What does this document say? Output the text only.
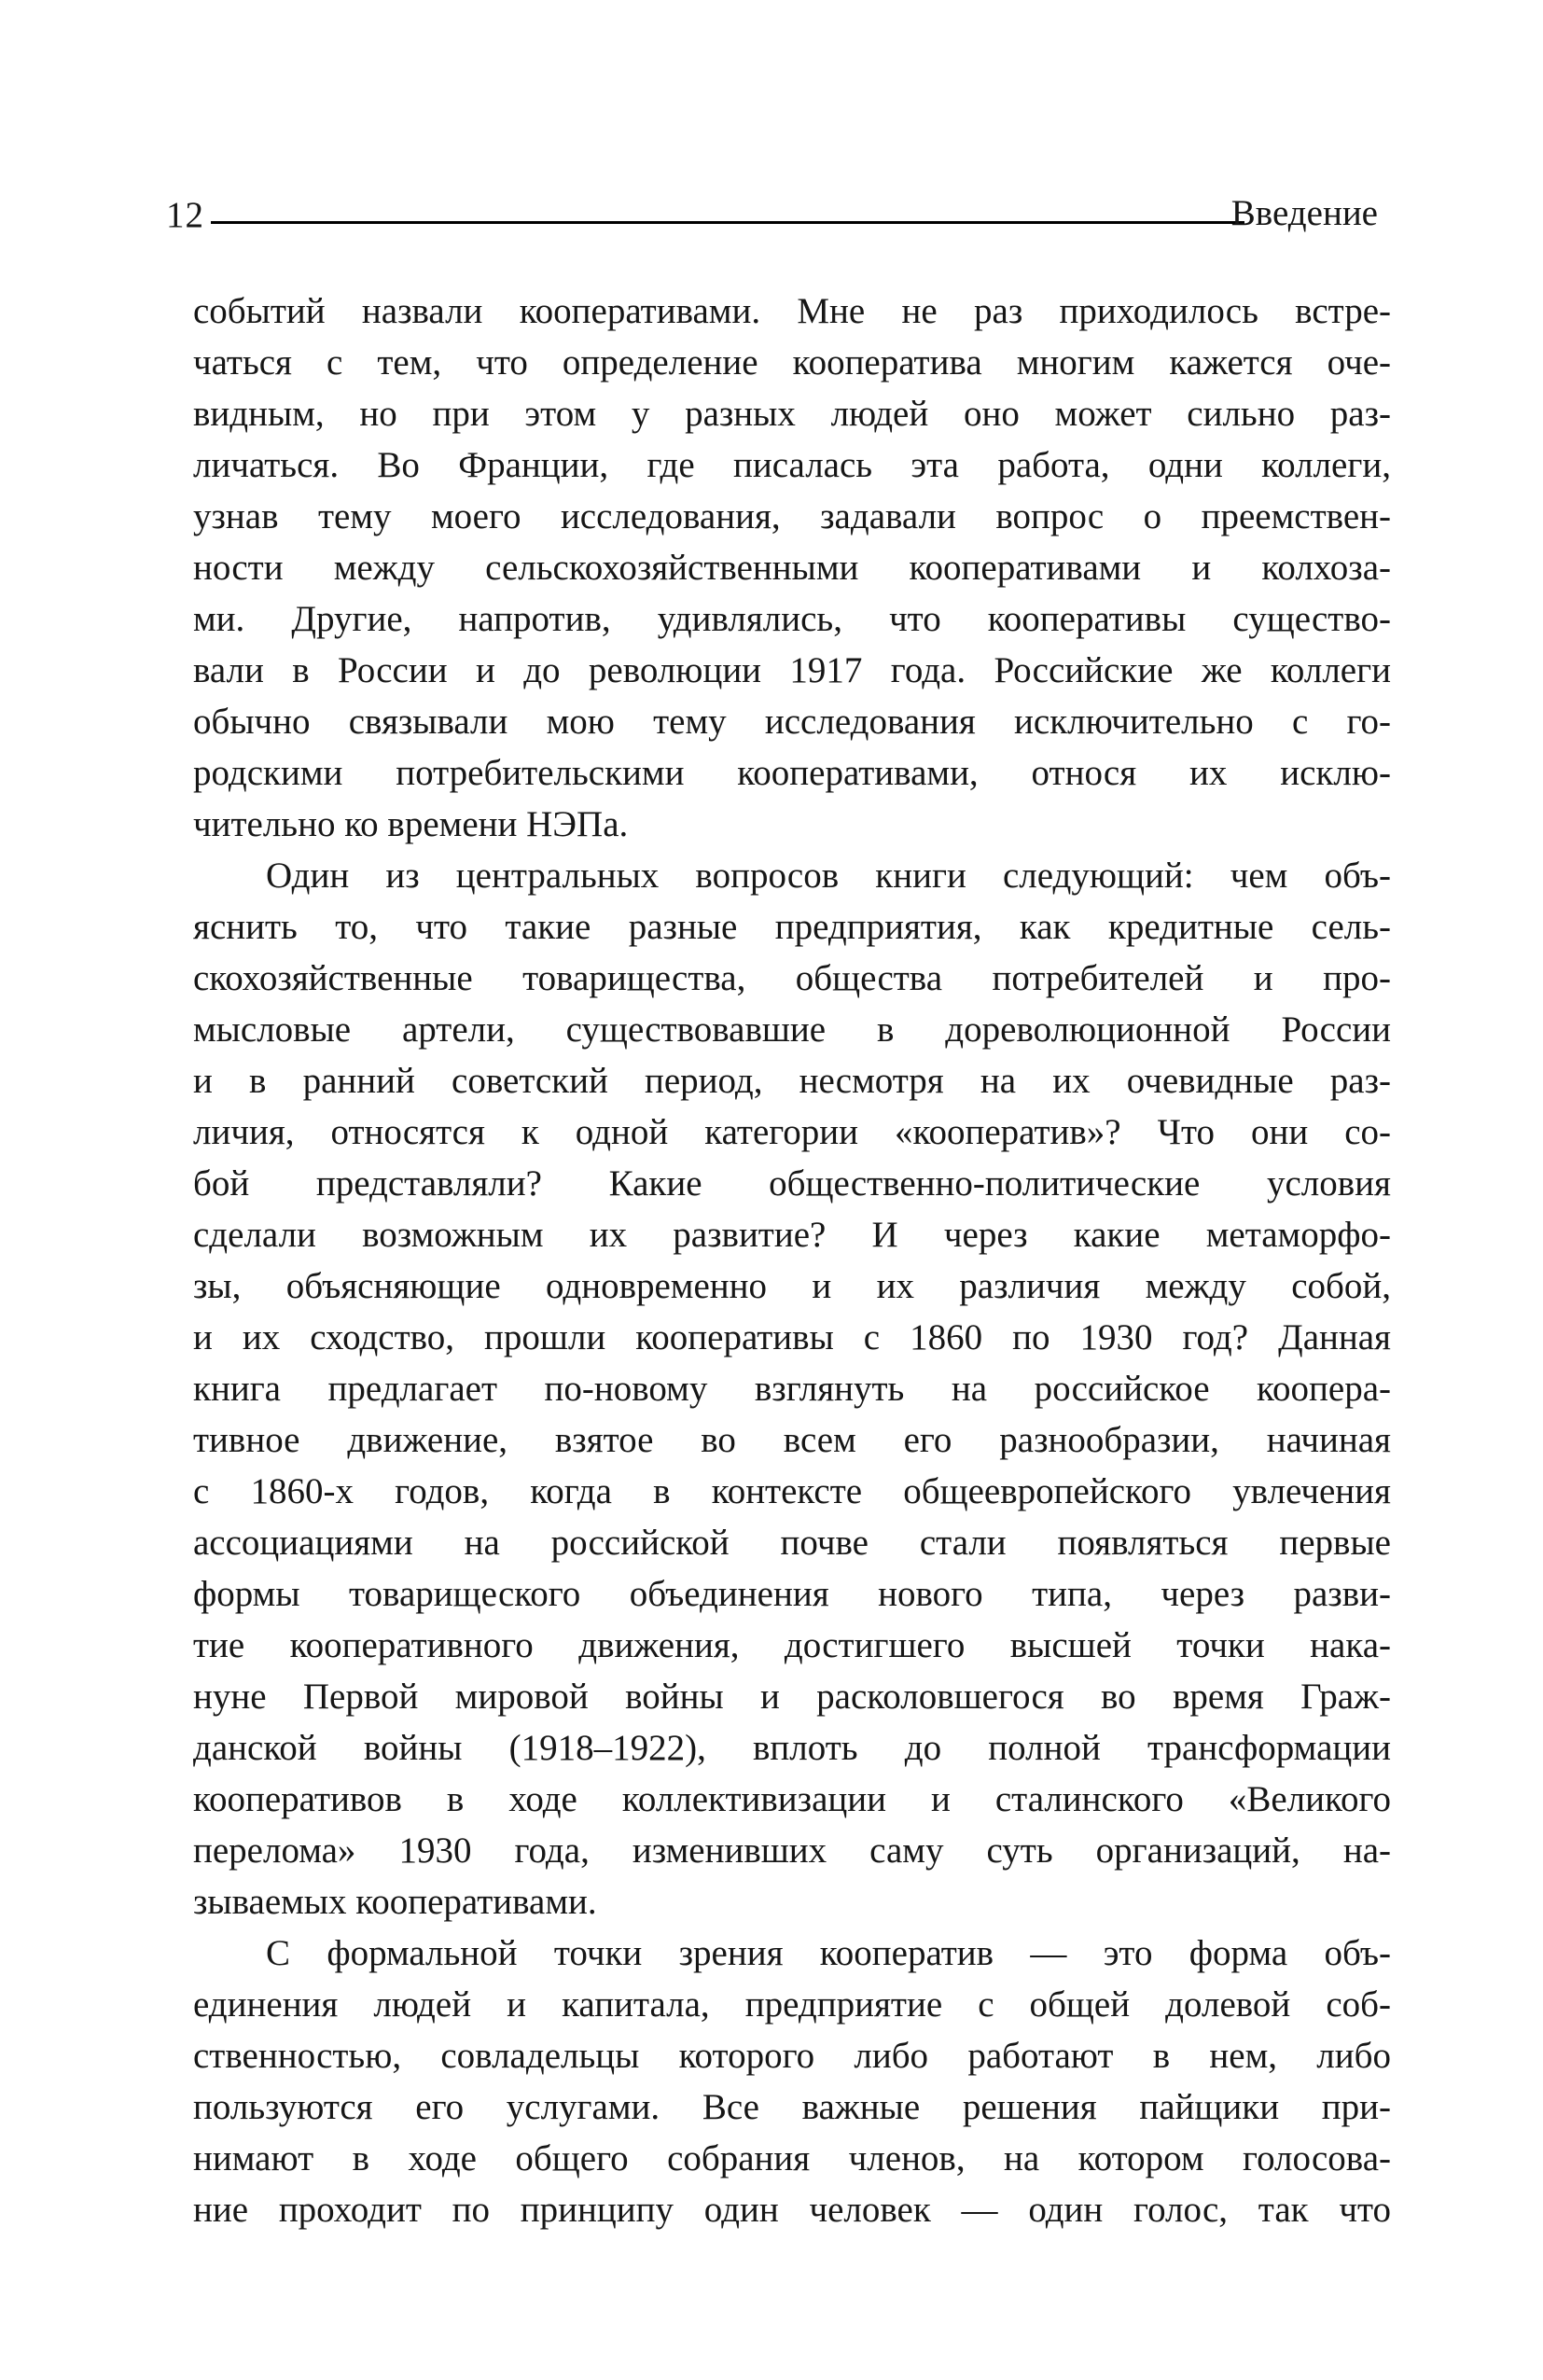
12	Введение
событий назвали кооперативами. Мне не раз приходилось встре-
чаться с тем, что определение кооператива многим кажется оче-
видным, но при этом у разных людей оно может сильно раз-
личаться. Во Франции, где писалась эта работа, одни коллеги,
узнав тему моего исследования, задавали вопрос о преемствен-
ности между сельскохозяйственными кооперативами и колхоза-
ми. Другие, напротив, удивлялись, что кооперативы существо-
вали в России и до революции 1917 года. Российские же коллеги
обычно связывали мою тему исследования исключительно с го-
родскими потребительскими кооперативами, относя их исклю-
чительно ко времени НЭПа.
Один из центральных вопросов книги следующий: чем объ-
яснить то, что такие разные предприятия, как кредитные сель-
скохозяйственные товарищества, общества потребителей и про-
мысловые артели, существовавшие в дореволюционной России
и в ранний советский период, несмотря на их очевидные раз-
личия, относятся к одной категории «кооператив»? Что они со-
бой представляли? Какие общественно-политические условия
сделали возможным их развитие? И через какие метаморфо-
зы, объясняющие одновременно и их различия между собой,
и их сходство, прошли кооперативы с 1860 по 1930 год? Данная
книга предлагает по-новому взглянуть на российское коопера-
тивное движение, взятое во всем его разнообразии, начиная
с 1860-х годов, когда в контексте общеевропейского увлечения
ассоциациями на российской почве стали появляться первые
формы товарищеского объединения нового типа, через разви-
тие кооперативного движения, достигшего высшей точки нака-
нуне Первой мировой войны и расколовшегося во время Граж-
данской войны (1918–1922), вплоть до полной трансформации
кооперативов в ходе коллективизации и сталинского «Великого
перелома» 1930 года, изменивших саму суть организаций, на-
зываемых кооперативами.
С формальной точки зрения кооператив — это форма объ-
единения людей и капитала, предприятие с общей долевой соб-
ственностью, совладельцы которого либо работают в нем, либо
пользуются его услугами. Все важные решения пайщики при-
нимают в ходе общего собрания членов, на котором голосова-
ние проходит по принципу один человек — один голос, так что
